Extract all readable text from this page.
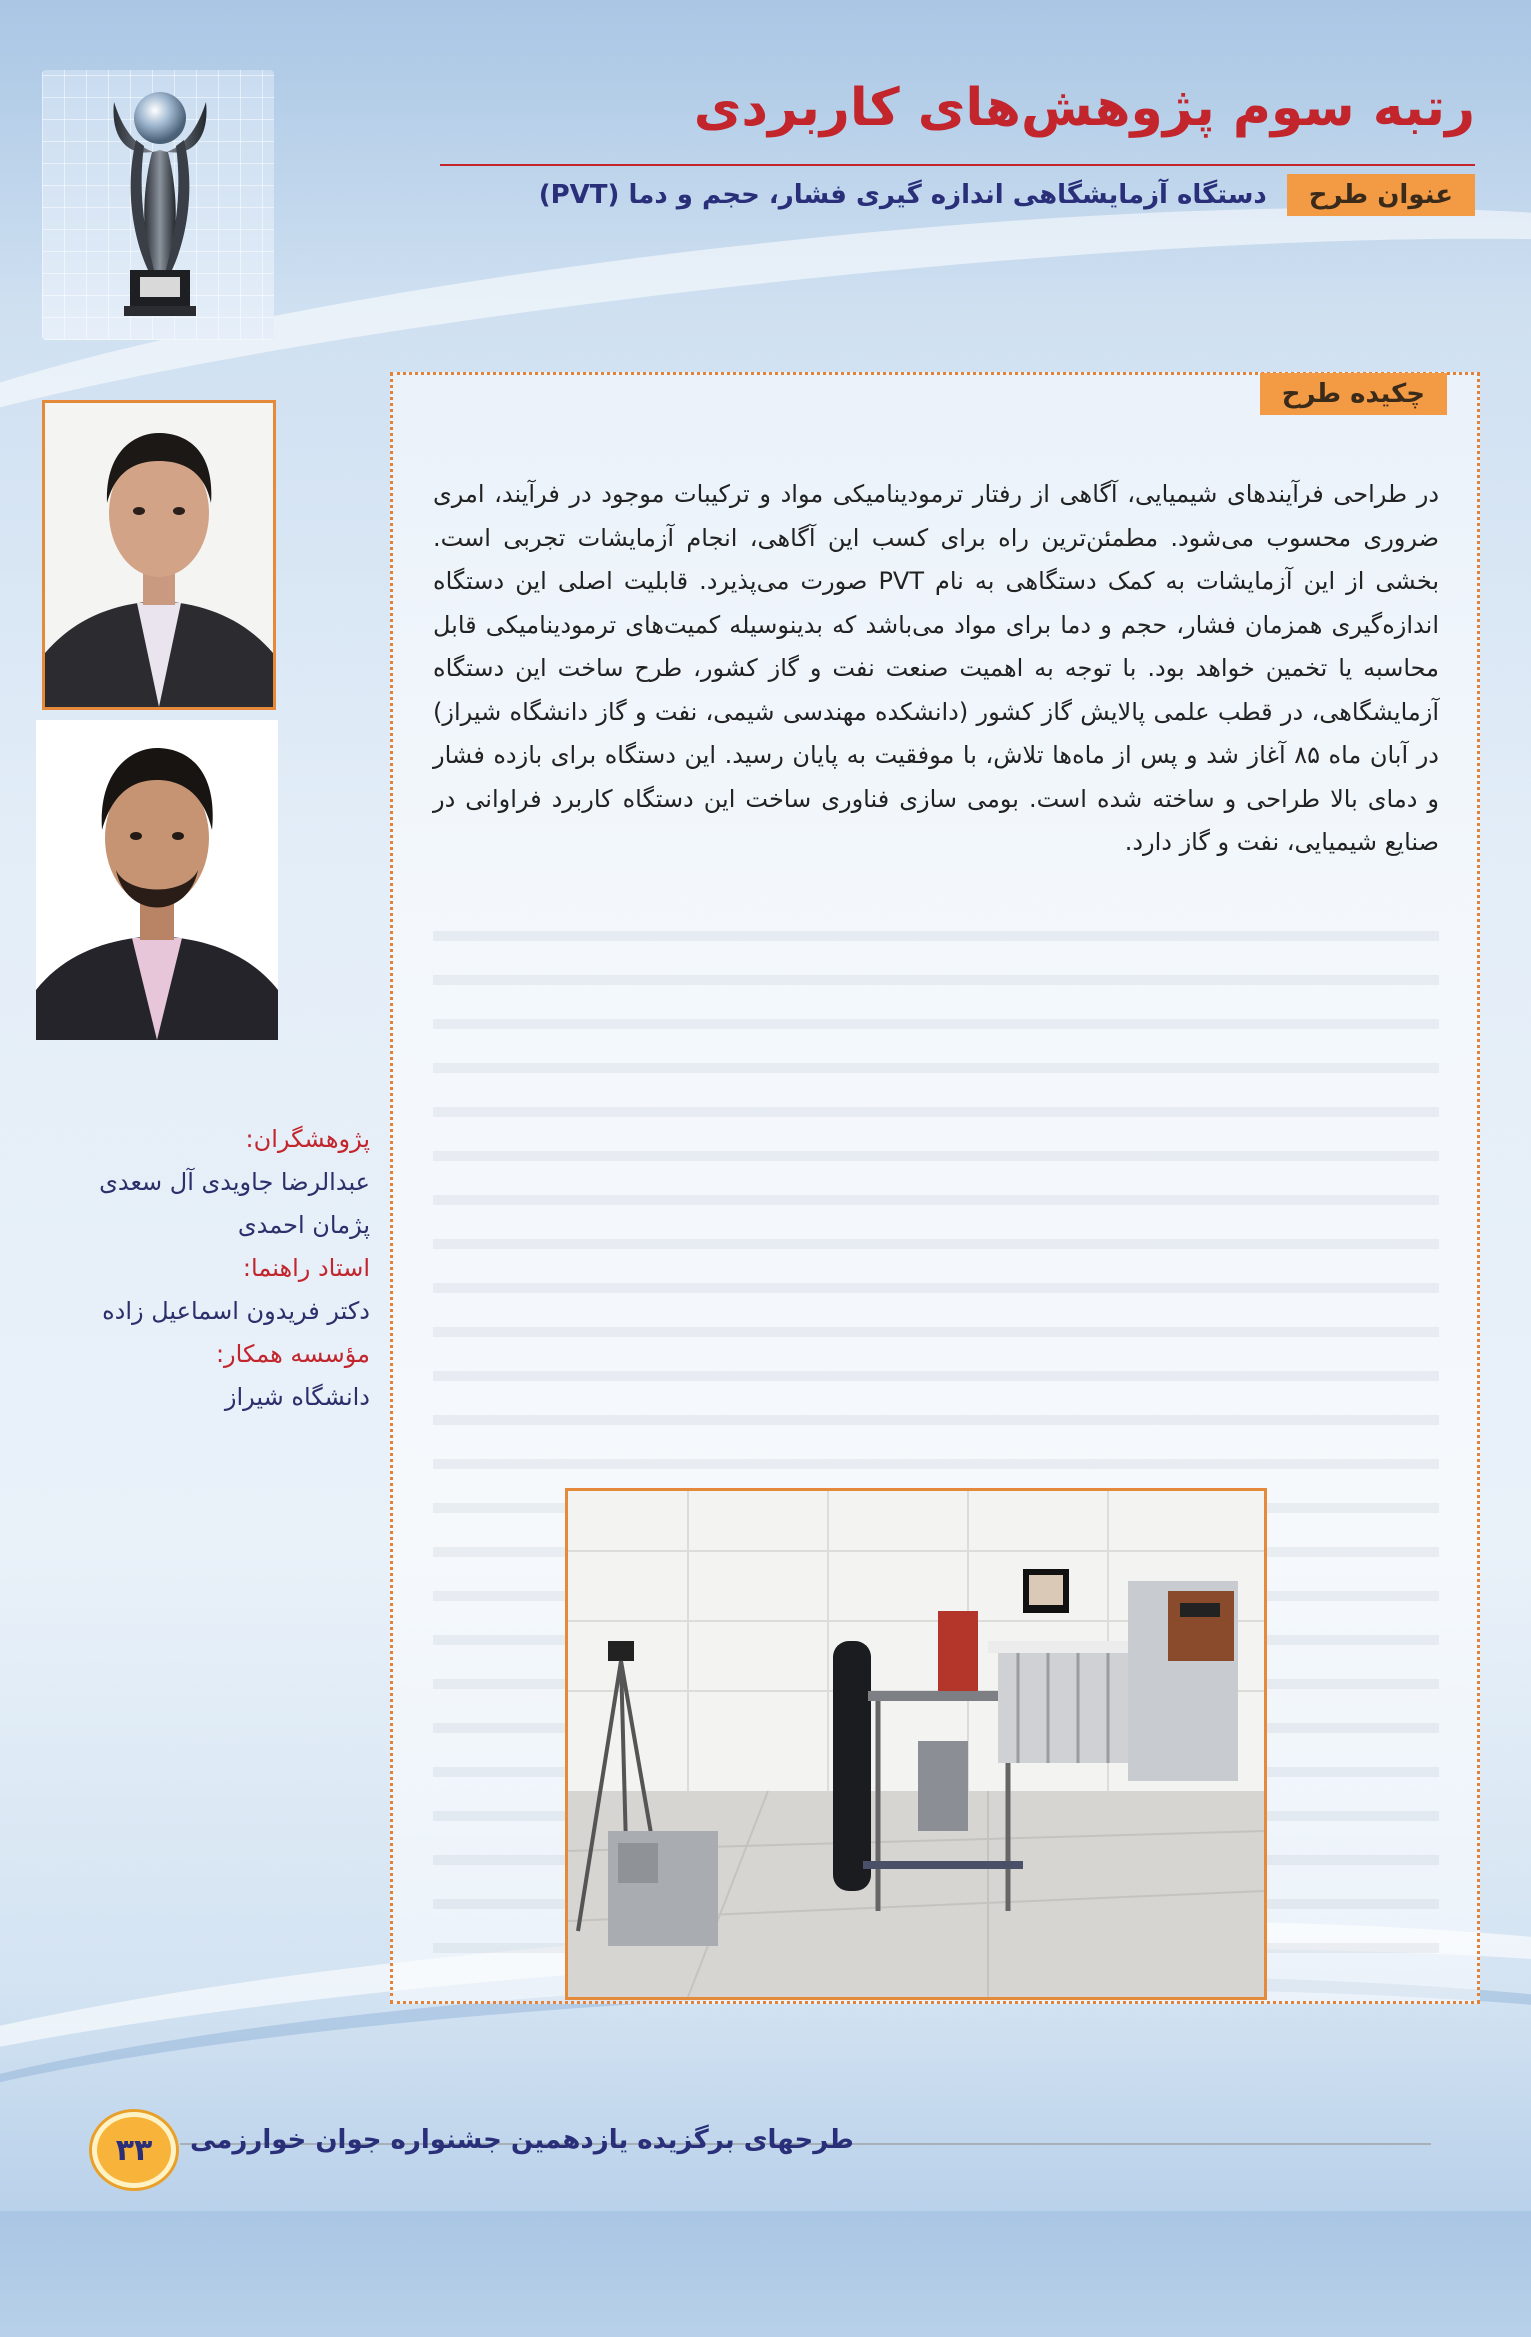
رتبه سوم پژوهش‌های کاربردی
عنوان طرح
دستگاه آزمایشگاهی اندازه گیری فشار، حجم و دما (PVT)
پژوهشگران:
عبدالرضا جاویدی آل سعدی
پژمان احمدی
استاد راهنما:
دکتر فریدون اسماعیل زاده
مؤسسه همکار:
دانشگاه شیراز
چکیده طرح

در طراحی فرآیندهای شیمیایی، آگاهی از رفتار ترمودینامیکی مواد و ترکیبات موجود در فرآیند، امری ضروری محسوب می‌شود. مطمئن‌ترین راه برای کسب این آگاهی، انجام آزمایشات تجربی است. بخشی از این آزمایشات به کمک دستگاهی به نام PVT صورت می‌پذیرد. قابلیت اصلی این دستگاه اندازه‌گیری همزمان فشار، حجم و دما برای مواد می‌باشد که بدینوسیله کمیت‌های ترمودینامیکی قابل محاسبه یا تخمین خواهد بود. با توجه به اهمیت صنعت نفت و گاز کشور، طرح ساخت این دستگاه آزمایشگاهی، در قطب علمی پالایش گاز کشور (دانشکده مهندسی شیمی، نفت و گاز دانشگاه شیراز) در آبان ماه ۸۵ آغاز شد و پس از ماه‌ها تلاش، با موفقیت به پایان رسید. این دستگاه برای بازده فشار و دمای بالا طراحی و ساخته شده است. بومی سازی فناوری ساخت این دستگاه کاربرد فراوانی در صنایع شیمیایی، نفت و گاز دارد.

۳۳	طرحهای برگزیده یازدهمین جشنواره جوان خوارزمی
